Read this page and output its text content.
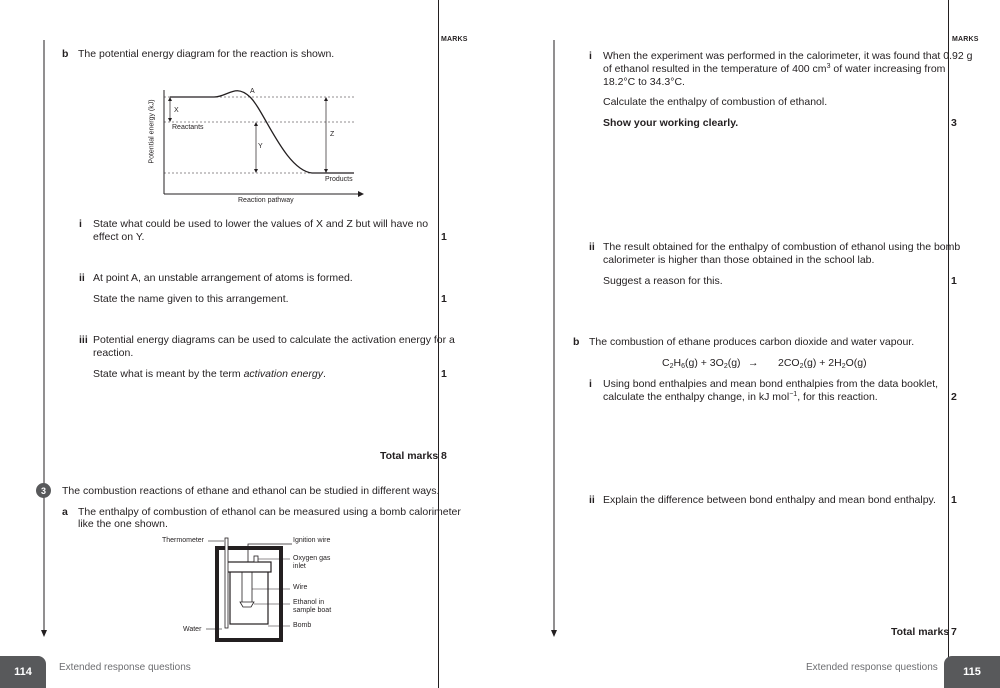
MARKS	MARKS
b The potential energy diagram for the reaction is shown.
Potential energy (kJ)
A
X
Reactants
Z
Y
Products
Reaction pathway
i State what could be used to lower the values of X and Z but will have no
effect on Y.	1
ii At point A, an unstable arrangement of atoms is formed.
State the name given to this arrangement.	1
iii Potential energy diagrams can be used to calculate the activation energy for a
reaction.
State what is meant by the term activation energy.	1
Total marks 8
3 The combustion reactions of ethane and ethanol can be studied in different ways.
a The enthalpy of combustion of ethanol can be measured using a bomb calorimeter
like the one shown.
Thermometer	Ignition wire
Oxygen gas
inlet
Wire
Ethanol in
sample boat
Bomb
Water
114	Extended response questions
i When the experiment was performed in the calorimeter, it was found that 0.92 g
of ethanol resulted in the temperature of 400 $cm^3$ of water increasing from
18.2°C to 34.3°C.
Calculate the enthalpy of combustion of ethanol.
Show your working clearly.	3
ii The result obtained for the enthalpy of combustion of ethanol using the bomb
calorimeter is higher than those obtained in the school lab.
Suggest a reason for this.	1
b The combustion of ethane produces carbon dioxide and water vapour.
$C_2H_6(g) + 3O_2(g) \to 2CO_2(g) + 2H_2O(g)$
i Using bond enthalpies and mean bond enthalpies from the data booklet,
calculate the enthalpy change, in kJ mol$^{-1}$, for this reaction.	2
ii Explain the difference between bond enthalpy and mean bond enthalpy. 1
Total marks 7
Extended response questions 115
